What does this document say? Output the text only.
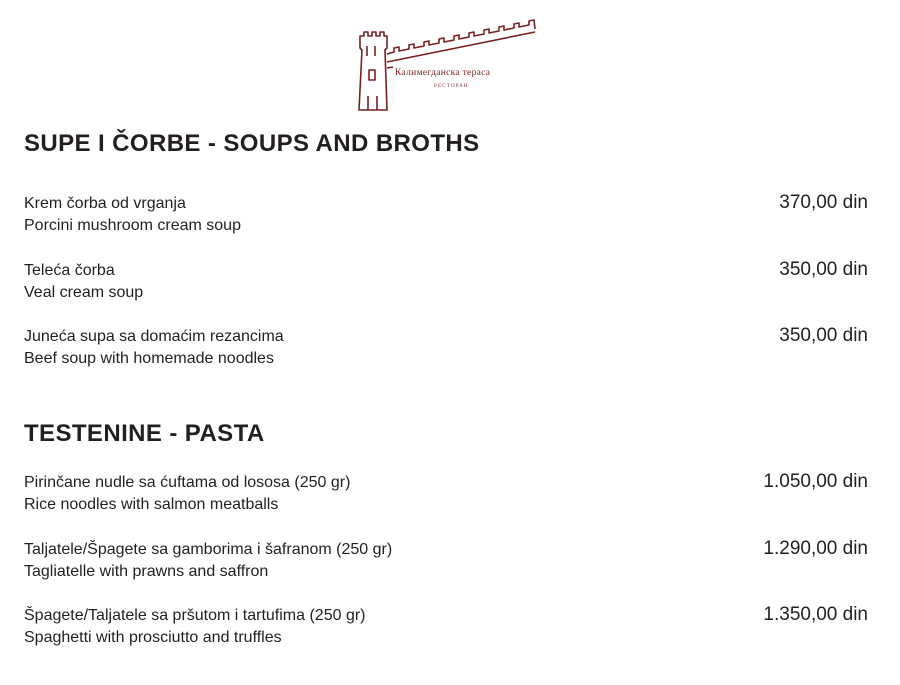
Калимегданска тераса
РЕСТОРАН
SUPE I ČORBE - SOUPS AND BROTHS
Krem čorba od vrganja
Porcini mushroom cream soup
370,00 din
Teleća čorba
Veal cream soup
350,00 din
Juneća supa sa domaćim rezancima
Beef soup with homemade noodles
350,00 din
TESTENINE - PASTA
Pirinčane nudle sa ćuftama od lososa (250 gr)
Rice noodles with salmon meatballs
1.050,00 din
Taljatele/Špagete sa gamborima i šafranom (250 gr)
Tagliatelle with prawns and saffron
1.290,00 din
Špagete/Taljatele sa pršutom i tartufima (250 gr)
Spaghetti with prosciutto and truffles
1.350,00 din
